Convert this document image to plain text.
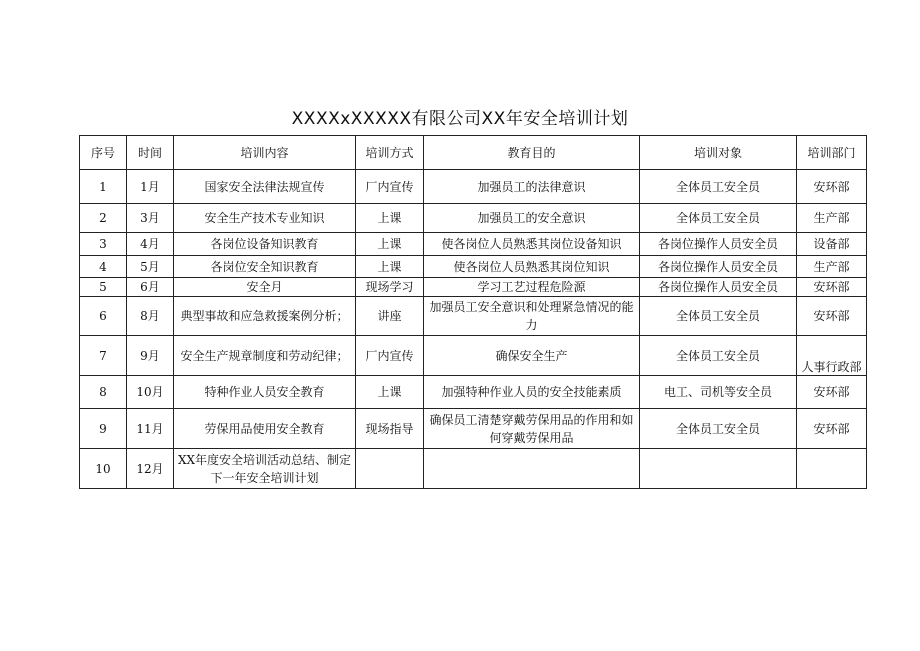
XXXXxXXXXX有限公司XX年安全培训计划
序号	时间	培训内容	培训方式	教育目的	培训对象	培训部门
1	1月	国家安全法律法规宣传	厂内宣传	加强员工的法律意识	全体员工安全员	安环部
2	3月	安全生产技术专业知识	上课	加强员工的安全意识	全体员工安全员	生产部
3	4月	各岗位设备知识教育	上课	使各岗位人员熟悉其岗位设备知识	各岗位操作人员安全员	设备部
4	5月	各岗位安全知识教育	上课	使各岗位人员熟悉其岗位知识	各岗位操作人员安全员	生产部
5	6月	安全月	现场学习	学习工艺过程危险源	各岗位操作人员安全员	安环部
6	8月	典型事故和应急救援案例分析；	讲座	加强员工安全意识和处理紧急情况的能力	全体员工安全员	安环部
7	9月	安全生产规章制度和劳动纪律；	厂内宣传	确保安全生产	全体员工安全员	人事行政部
8	10月	特种作业人员安全教育	上课	加强特种作业人员的安全技能素质	电工、司机等安全员	安环部
9	11月	劳保用品使用安全教育	现场指导	确保员工清楚穿戴劳保用品的作用和如何穿戴劳保用品	全体员工安全员	安环部
10	12月	XX年度安全培训活动总结、制定下一年安全培训计划				
